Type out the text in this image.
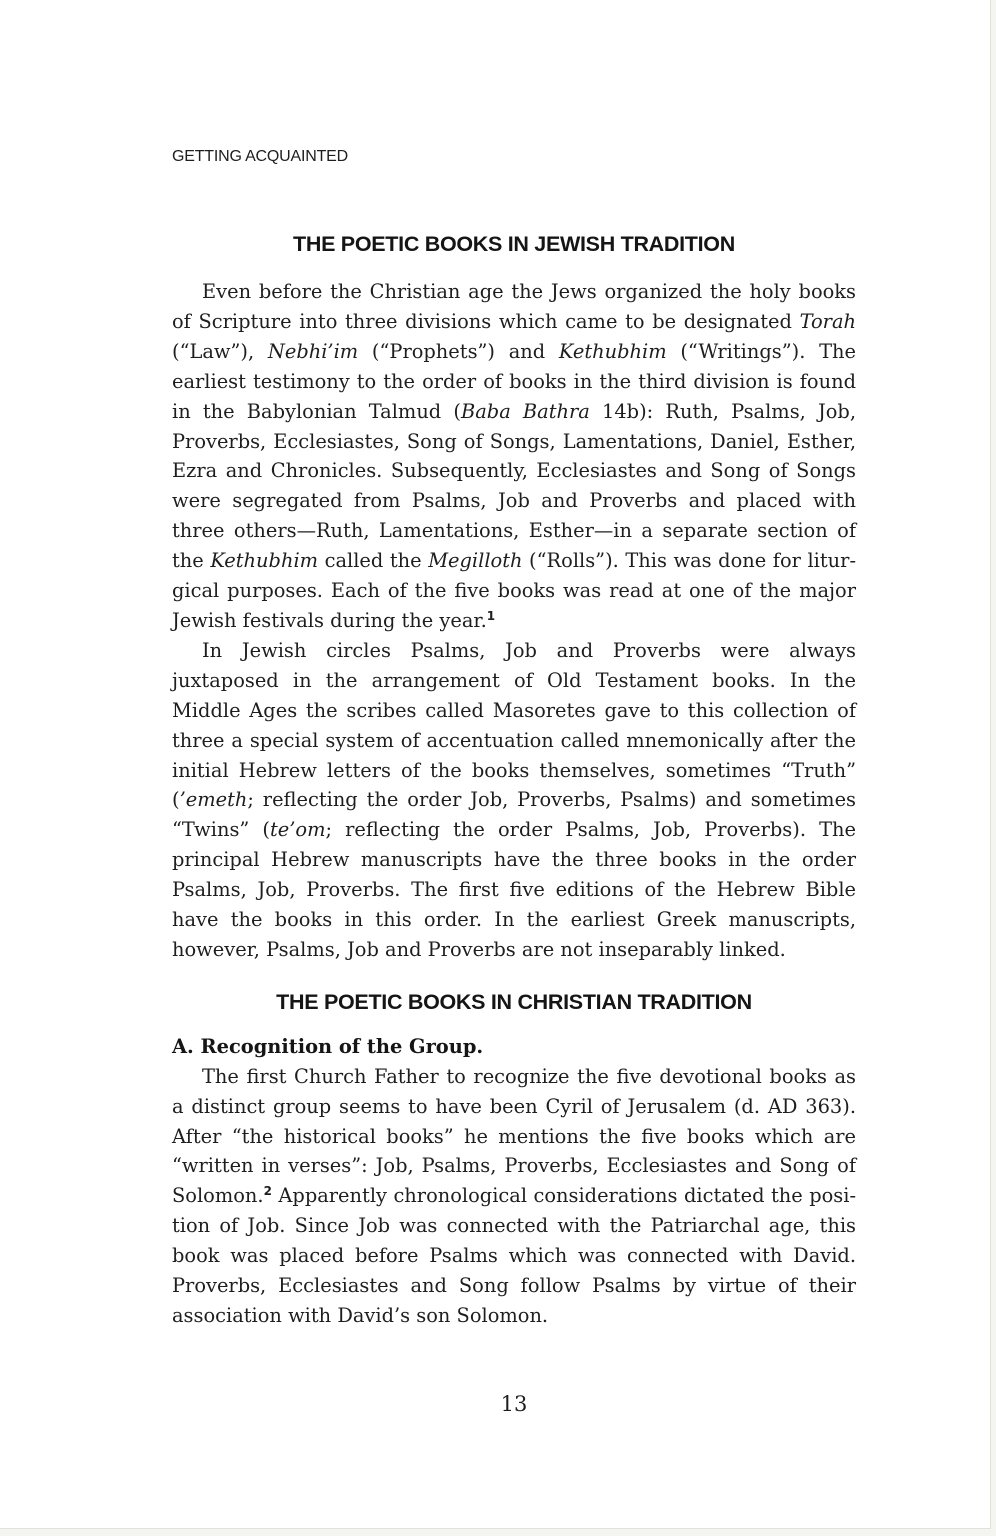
GETTING ACQUAINTED
THE POETIC BOOKS IN JEWISH TRADITION

Even before the Christian age the Jews organized the holy books of Scripture into three divisions which came to be designated Torah (“Law”), Nebhi’im (“Prophets”) and Kethubhim (“Writings”). The earliest testimony to the order of books in the third division is found in the Babylonian Talmud (Baba Bathra 14b): Ruth, Psalms, Job, Proverbs, Ecclesiastes, Song of Songs, Lamentations, Daniel, Esther, Ezra and Chronicles. Subsequently, Ecclesiastes and Song of Songs were segregated from Psalms, Job and Proverbs and placed with three others—Ruth, Lamentations, Esther—in a separate section of the Kethubhim called the Megilloth (“Rolls”). This was done for liturgical purposes. Each of the five books was read at one of the major Jewish festivals during the year.$^1$

In Jewish circles Psalms, Job and Proverbs were always juxtaposed in the arrangement of Old Testament books. In the Middle Ages the scribes called Masoretes gave to this collection of three a special system of accentuation called mnemonically after the initial Hebrew letters of the books themselves, sometimes “Truth” (’emeth; reflecting the order Job, Proverbs, Psalms) and sometimes “Twins” (te’om; reflecting the order Psalms, Job, Proverbs). The principal Hebrew manuscripts have the three books in the order Psalms, Job, Proverbs. The first five editions of the Hebrew Bible have the books in this order. In the earliest Greek manuscripts, however, Psalms, Job and Proverbs are not inseparably linked.

THE POETIC BOOKS IN CHRISTIAN TRADITION
A. Recognition of the Group.

The first Church Father to recognize the five devotional books as a distinct group seems to have been Cyril of Jerusalem (d. AD 363). After “the historical books” he mentions the five books which are “written in verses”: Job, Psalms, Proverbs, Ecclesiastes and Song of Solomon.$^2$ Apparently chronological considerations dictated the position of Job. Since Job was connected with the Patriarchal age, this book was placed before Psalms which was connected with David. Proverbs, Ecclesiastes and Song follow Psalms by virtue of their association with David’s son Solomon.

13
